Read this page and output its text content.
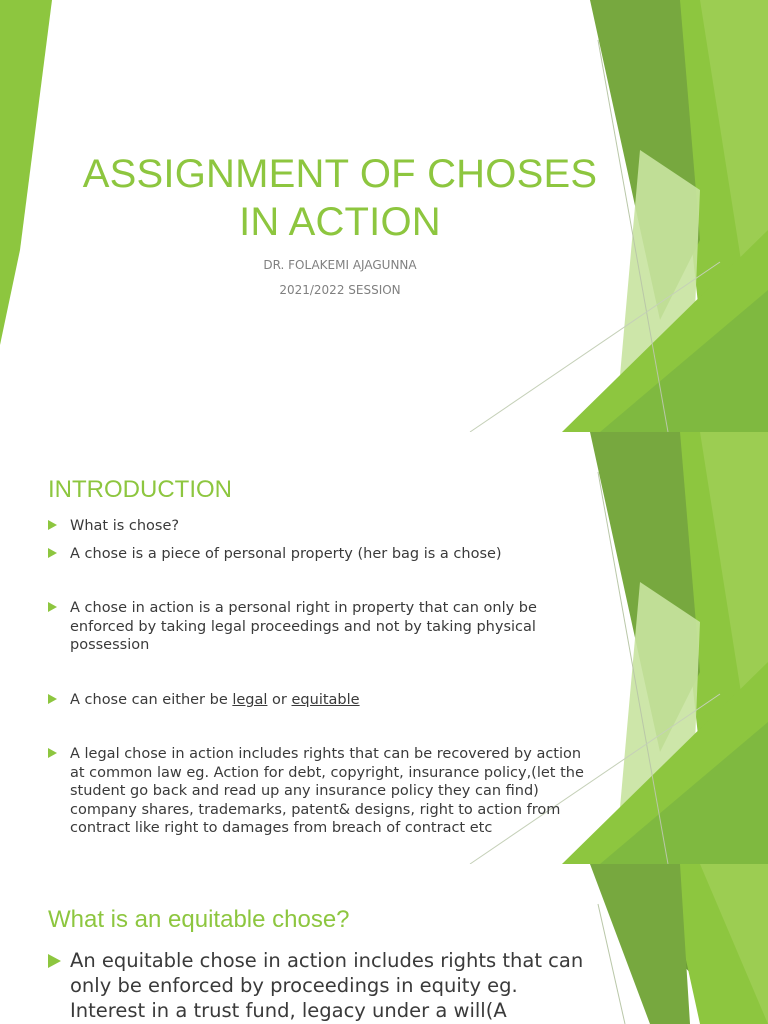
ASSIGNMENT OF CHOSES
IN ACTION
DR. FOLAKEMI AJAGUNNA
2021/2022 SESSION
INTRODUCTION
What is chose?
A chose is a piece of personal property (her bag is a chose)
A chose in action is a personal right in property that can only be enforced by taking legal proceedings and not by taking physical possession
A chose can either be legal or equitable
A legal chose in action includes rights that can be recovered by action at common law eg. Action for debt, copyright, insurance policy,(let the student go back and read up any insurance policy they can find) company shares, trademarks, patent& designs, right to action from contract like right to damages from breach of contract etc
What is an equitable chose?
An equitable chose in action includes rights that can only be enforced by proceedings in equity eg. Interest in a trust fund, legacy under a will(A
